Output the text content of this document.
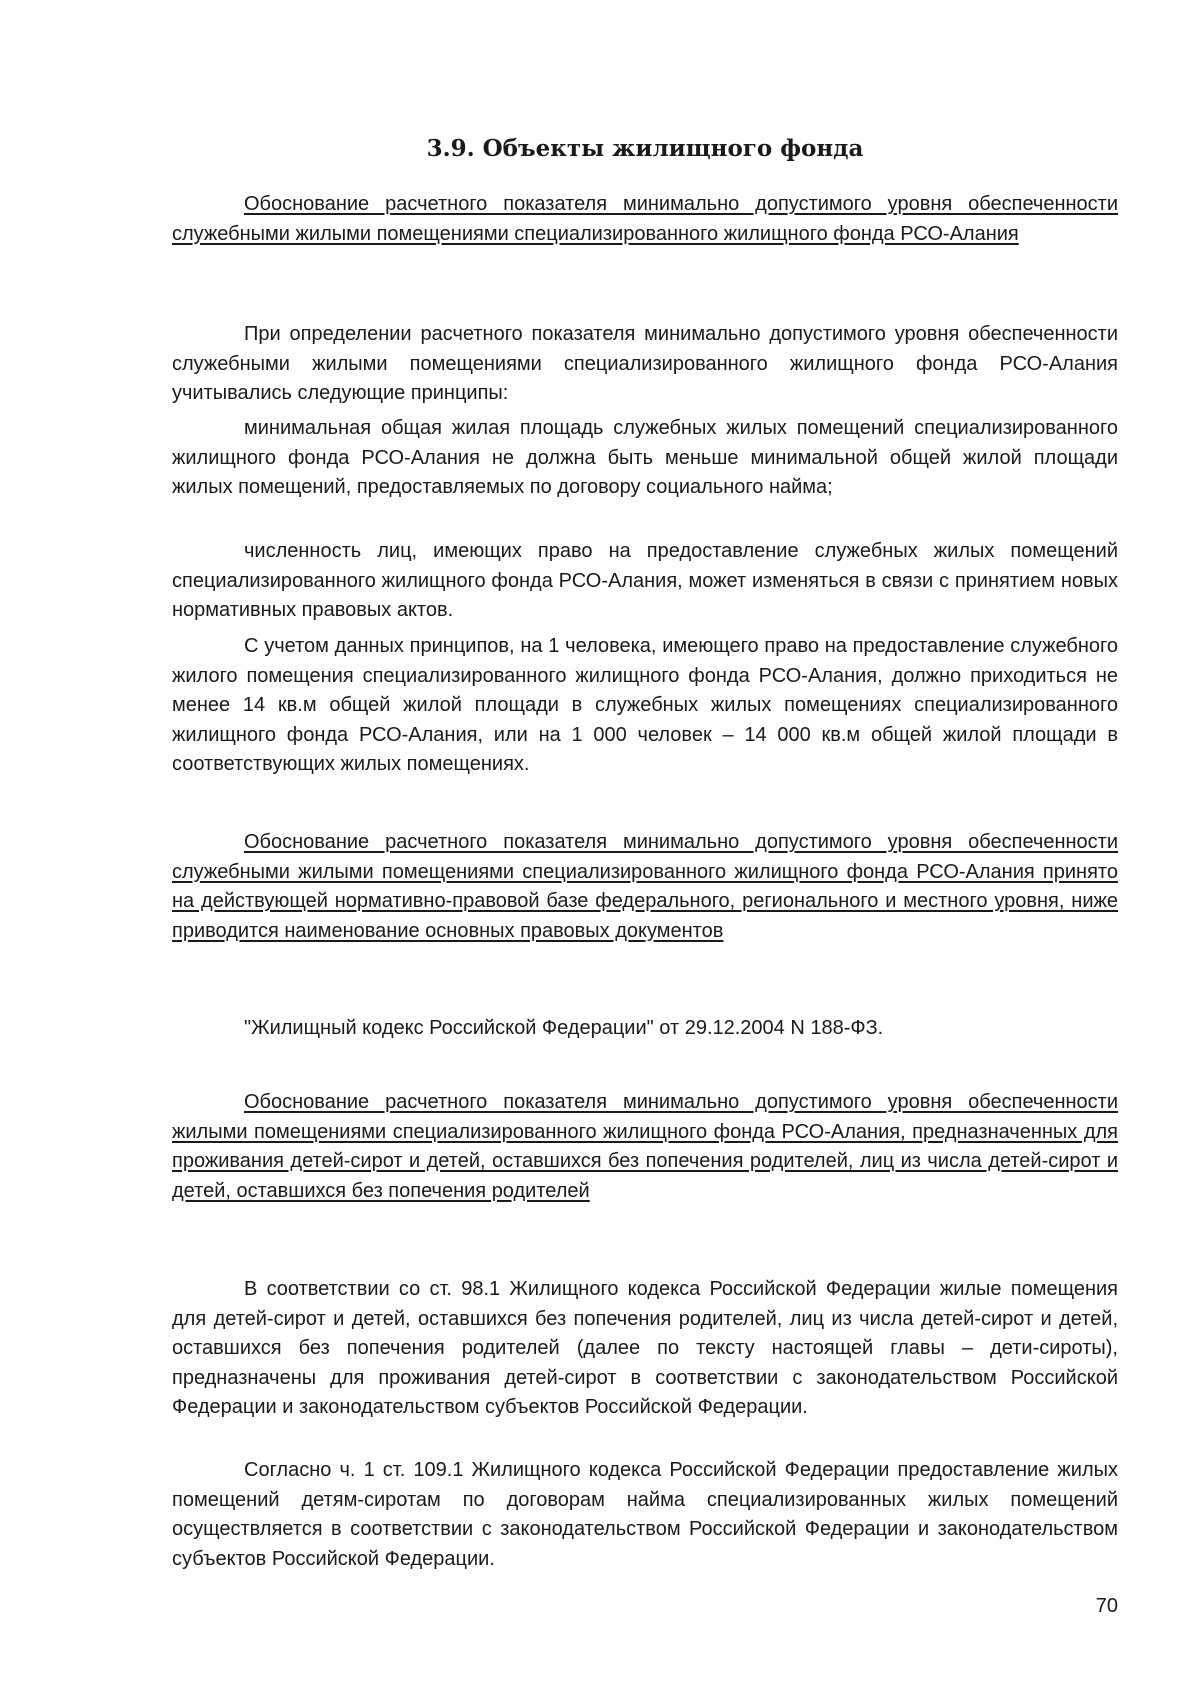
3.9. Объекты жилищного фонда

Обоснование расчетного показателя минимально допустимого уровня обеспеченности служебными жилыми помещениями специализированного жилищного фонда РСО-Алания

При определении расчетного показателя минимально допустимого уровня обеспеченности служебными жилыми помещениями специализированного жилищного фонда РСО-Алания учитывались следующие принципы:

минимальная общая жилая площадь служебных жилых помещений специализированного жилищного фонда РСО-Алания не должна быть меньше минимальной общей жилой площади жилых помещений, предоставляемых по договору социального найма;

численность лиц, имеющих право на предоставление служебных жилых помещений специализированного жилищного фонда РСО-Алания, может изменяться в связи с принятием новых нормативных правовых актов.

С учетом данных принципов, на 1 человека, имеющего право на предоставление служебного жилого помещения специализированного жилищного фонда РСО-Алания, должно приходиться не менее 14 кв.м общей жилой площади в служебных жилых помещениях специализированного жилищного фонда РСО-Алания, или на 1 000 человек – 14 000 кв.м общей жилой площади в соответствующих жилых помещениях.

Обоснование расчетного показателя минимально допустимого уровня обеспеченности служебными жилыми помещениями специализированного жилищного фонда РСО-Алания принято на действующей нормативно-правовой базе федерального, регионального и местного уровня, ниже приводится наименование основных правовых документов

"Жилищный кодекс Российской Федерации" от 29.12.2004 N 188-ФЗ.

Обоснование расчетного показателя минимально допустимого уровня обеспеченности жилыми помещениями специализированного жилищного фонда РСО-Алания, предназначенных для проживания детей-сирот и детей, оставшихся без попечения родителей, лиц из числа детей-сирот и детей, оставшихся без попечения родителей

В соответствии со ст. 98.1 Жилищного кодекса Российской Федерации жилые помещения для детей-сирот и детей, оставшихся без попечения родителей, лиц из числа детей-сирот и детей, оставшихся без попечения родителей (далее по тексту настоящей главы – дети-сироты), предназначены для проживания детей-сирот в соответствии с законодательством Российской Федерации и законодательством субъектов Российской Федерации.

Согласно ч. 1 ст. 109.1 Жилищного кодекса Российской Федерации предоставление жилых помещений детям-сиротам по договорам найма специализированных жилых помещений осуществляется в соответствии с законодательством Российской Федерации и законодательством субъектов Российской Федерации.

70
